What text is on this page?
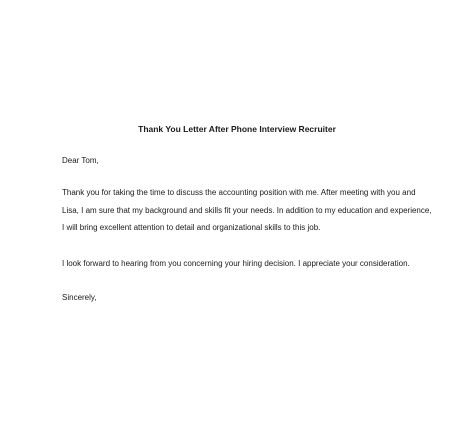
Thank You Letter After Phone Interview Recruiter
Dear Tom,
Thank you for taking the time to discuss the accounting position with me. After meeting with you and
Lisa, I am sure that my background and skills fit your needs. In addition to my education and experience,
I will bring excellent attention to detail and organizational skills to this job.
I look forward to hearing from you concerning your hiring decision. I appreciate your consideration.
Sincerely,
